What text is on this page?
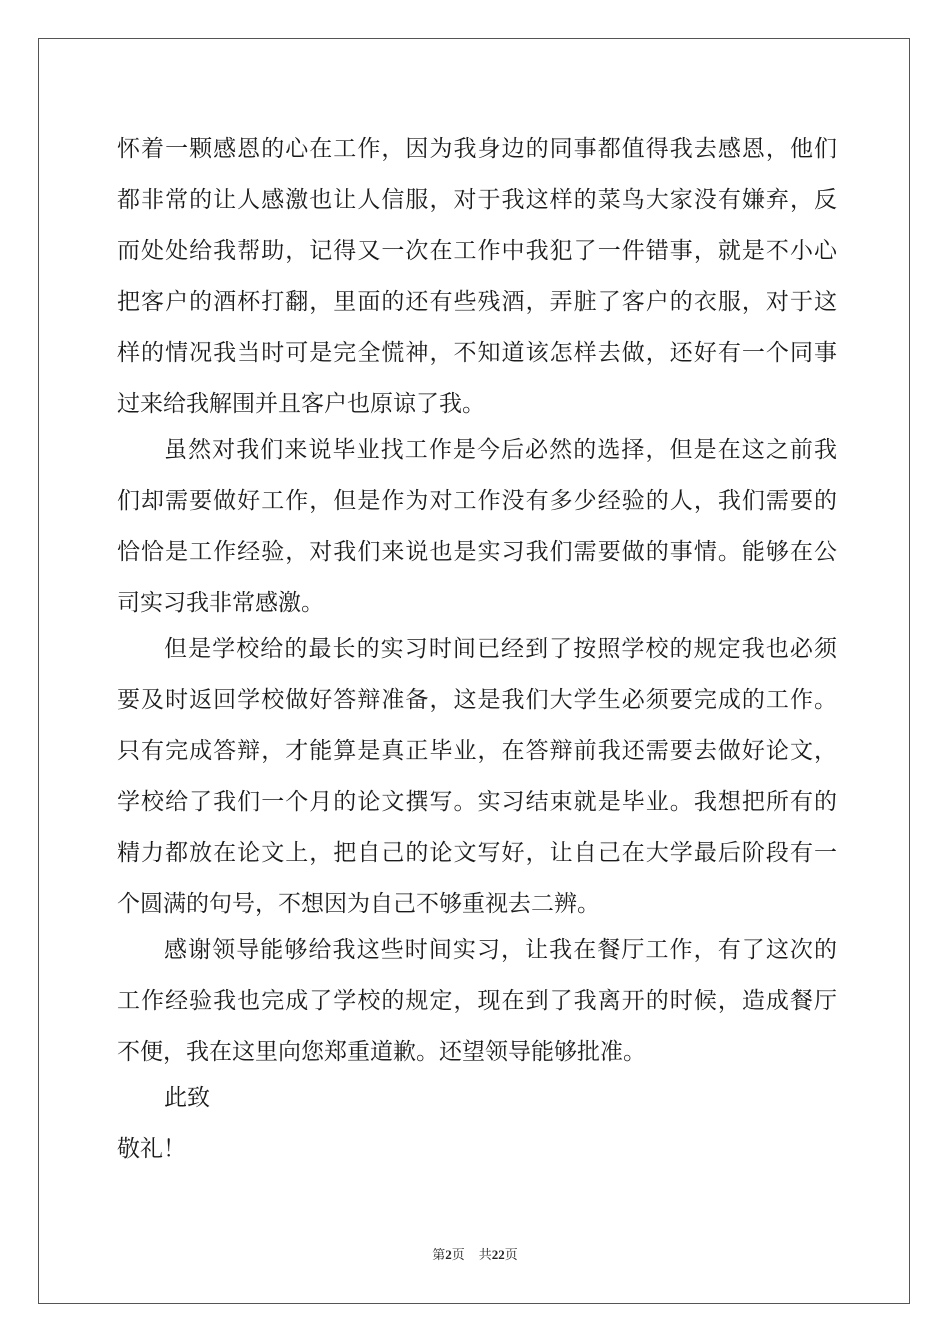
怀着一颗感恩的心在工作，因为我身边的同事都值得我去感恩，他们
都非常的让人感激也让人信服，对于我这样的菜鸟大家没有嫌弃，反
而处处给我帮助，记得又一次在工作中我犯了一件错事，就是不小心
把客户的酒杯打翻，里面的还有些残酒，弄脏了客户的衣服，对于这
样的情况我当时可是完全慌神，不知道该怎样去做，还好有一个同事
过来给我解围并且客户也原谅了我。
虽然对我们来说毕业找工作是今后必然的选择，但是在这之前我
们却需要做好工作，但是作为对工作没有多少经验的人，我们需要的
恰恰是工作经验，对我们来说也是实习我们需要做的事情。能够在公
司实习我非常感激。
但是学校给的最长的实习时间已经到了按照学校的规定我也必须
要及时返回学校做好答辩准备，这是我们大学生必须要完成的工作。
只有完成答辩，才能算是真正毕业，在答辩前我还需要去做好论文，
学校给了我们一个月的论文撰写。实习结束就是毕业。我想把所有的
精力都放在论文上，把自己的论文写好，让自己在大学最后阶段有一
个圆满的句号，不想因为自己不够重视去二辨。
感谢领导能够给我这些时间实习，让我在餐厅工作，有了这次的
工作经验我也完成了学校的规定，现在到了我离开的时候，造成餐厅
不便，我在这里向您郑重道歉。还望领导能够批准。
此致
敬礼！
第2页 共22页
